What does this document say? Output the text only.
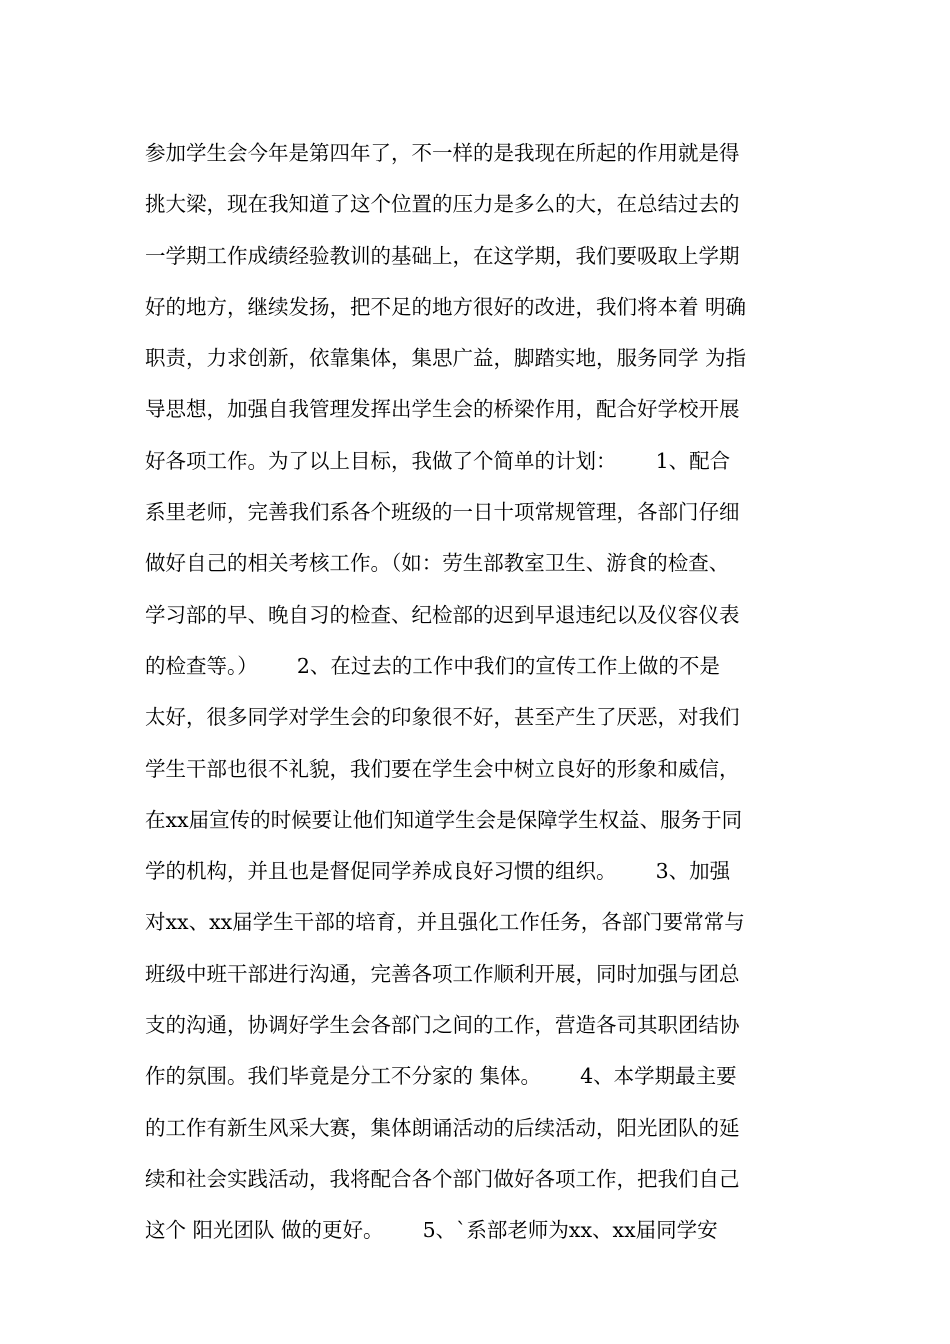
参加学生会今年是第四年了，不一样的是我现在所起的作用就是得
挑大梁，现在我知道了这个位置的压力是多么的大，在总结过去的
一学期工作成绩经验教训的基础上，在这学期，我们要吸取上学期
好的地方，继续发扬，把不足的地方很好的改进，我们将本着 明确
职责，力求创新，依靠集体，集思广益，脚踏实地，服务同学 为指
导思想，加强自我管理发挥出学生会的桥梁作用，配合好学校开展
好各项工作。为了以上目标，我做了个简单的计划：      1、配合
系里老师，完善我们系各个班级的一日十项常规管理，各部门仔细
做好自己的相关考核工作。（如：劳生部教室卫生、游食的检查、
学习部的早、晚自习的检查、纪检部的迟到早退违纪以及仪容仪表
的检查等。）      2、在过去的工作中我们的宣传工作上做的不是
太好，很多同学对学生会的印象很不好，甚至产生了厌恶，对我们
学生干部也很不礼貌，我们要在学生会中树立良好的形象和威信，
在xx届宣传的时候要让他们知道学生会是保障学生权益、服务于同
学的机构，并且也是督促同学养成良好习惯的组织。      3、加强
对xx、xx届学生干部的培育，并且强化工作任务，各部门要常常与
班级中班干部进行沟通，完善各项工作顺利开展，同时加强与团总
支的沟通，协调好学生会各部门之间的工作，营造各司其职团结协
作的氛围。我们毕竟是分工不分家的 集体。      4、本学期最主要
的工作有新生风采大赛，集体朗诵活动的后续活动，阳光团队的延
续和社会实践活动，我将配合各个部门做好各项工作，把我们自己
这个 阳光团队 做的更好。      5、`系部老师为xx、xx届同学安
